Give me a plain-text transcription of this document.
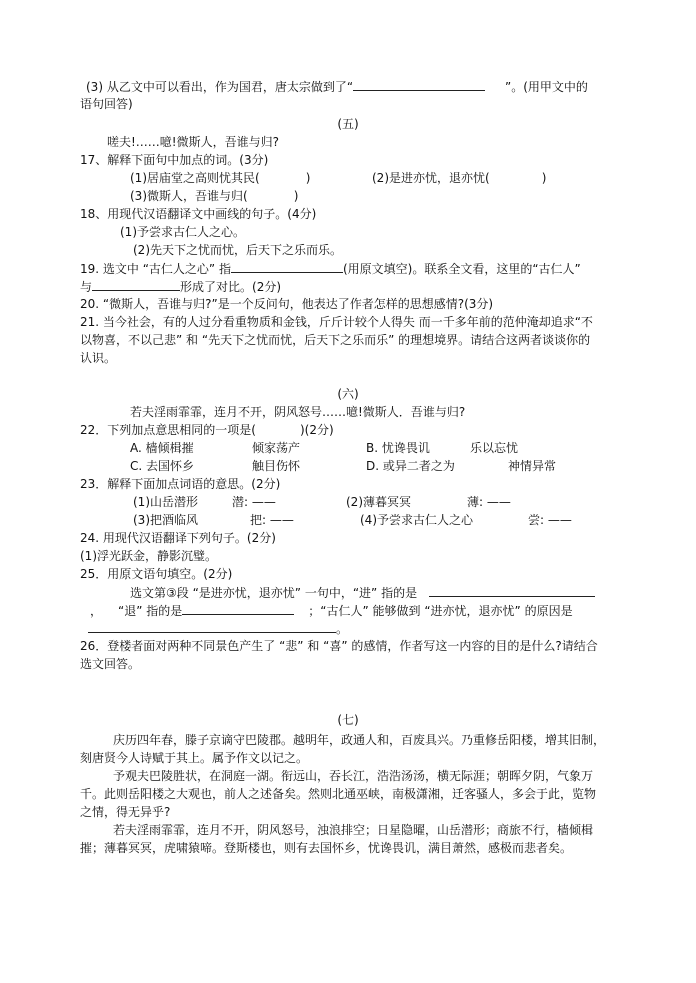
(3) 从乙文中可以看出，作为国君，唐太宗做到了“	”。(用甲文中的
语句回答)
(五)
嗟夫!……噫!微斯人，吾谁与归?
17、解释下面句中加点的词。(3分)
(1)居庙堂之高则忧其民(	)	(2)是进亦忧，退亦忧(	)
(3)微斯人，吾谁与归(	)
18、用现代汉语翻译文中画线的句子。(4分)
(1)予尝求古仁人之心。
(2)先天下之忧而忧，后天下之乐而乐。
19. 选文中 “古仁人之心” 指	(用原文填空)。联系全文看，这里的“古仁人”
与	形成了对比。(2分)
20. “微斯人，吾谁与归?”是一个反问句，他表达了作者怎样的思想感情?(3分)
21. 当今社会，有的人过分看重物质和金钱，斤斤计较个人得失 而一千多年前的范仲淹却追求“不
以物喜，不以己悲” 和 “先天下之忧而忧，后天下之乐而乐” 的理想境界。请结合这两者谈谈你的
认识。
(六)
若夫淫雨霏霏，连月不开，阴风怒号……噫!微斯人．吾谁与归?
22．下列加点意思相同的一项是(	)(2分)
A. 樯倾楫摧	倾家荡产	B. 忧谗畏讥	乐以忘忧
C. 去国怀乡	触目伤怀	D. 或异二者之为	神情异常
23．解释下面加点词语的意思。(2分)
(1)山岳潜形	潜: ——	(2)薄暮冥冥	薄: ——
(3)把酒临风	把: ——	(4)予尝求古仁人之心	尝: ——
24. 用现代汉语翻译下列句子。(2分)
(1)浮光跃金，静影沉璧。
25．用原文语句填空。(2分)
选文第③段 “是进亦忧，退亦忧” 一句中，“进” 指的是
， “退” 指的是	；“古仁人” 能够做到 “进亦忧，退亦忧” 的原因是
。
26．登楼者面对两种不同景色产生了 “悲” 和 “喜” 的感情，作者写这一内容的目的是什么?请结合
选文回答。
(七)
庆历四年春，滕子京谪守巴陵郡。越明年，政通人和，百废具兴。乃重修岳阳楼，增其旧制，
刻唐贤今人诗赋于其上。属予作文以记之。
予观夫巴陵胜状，在洞庭一湖。衔远山，吞长江，浩浩汤汤，横无际涯；朝晖夕阴，气象万
千。此则岳阳楼之大观也，前人之述备矣。然则北通巫峡，南极潇湘，迁客骚人，多会于此，览物
之情，得无异乎?
若夫淫雨霏霏，连月不开，阴风怒号，浊浪排空；日星隐曜，山岳潜形；商旅不行，樯倾楫
摧；薄暮冥冥，虎啸猿啼。登斯楼也，则有去国怀乡，忧谗畏讥，满目萧然，感极而悲者矣。
